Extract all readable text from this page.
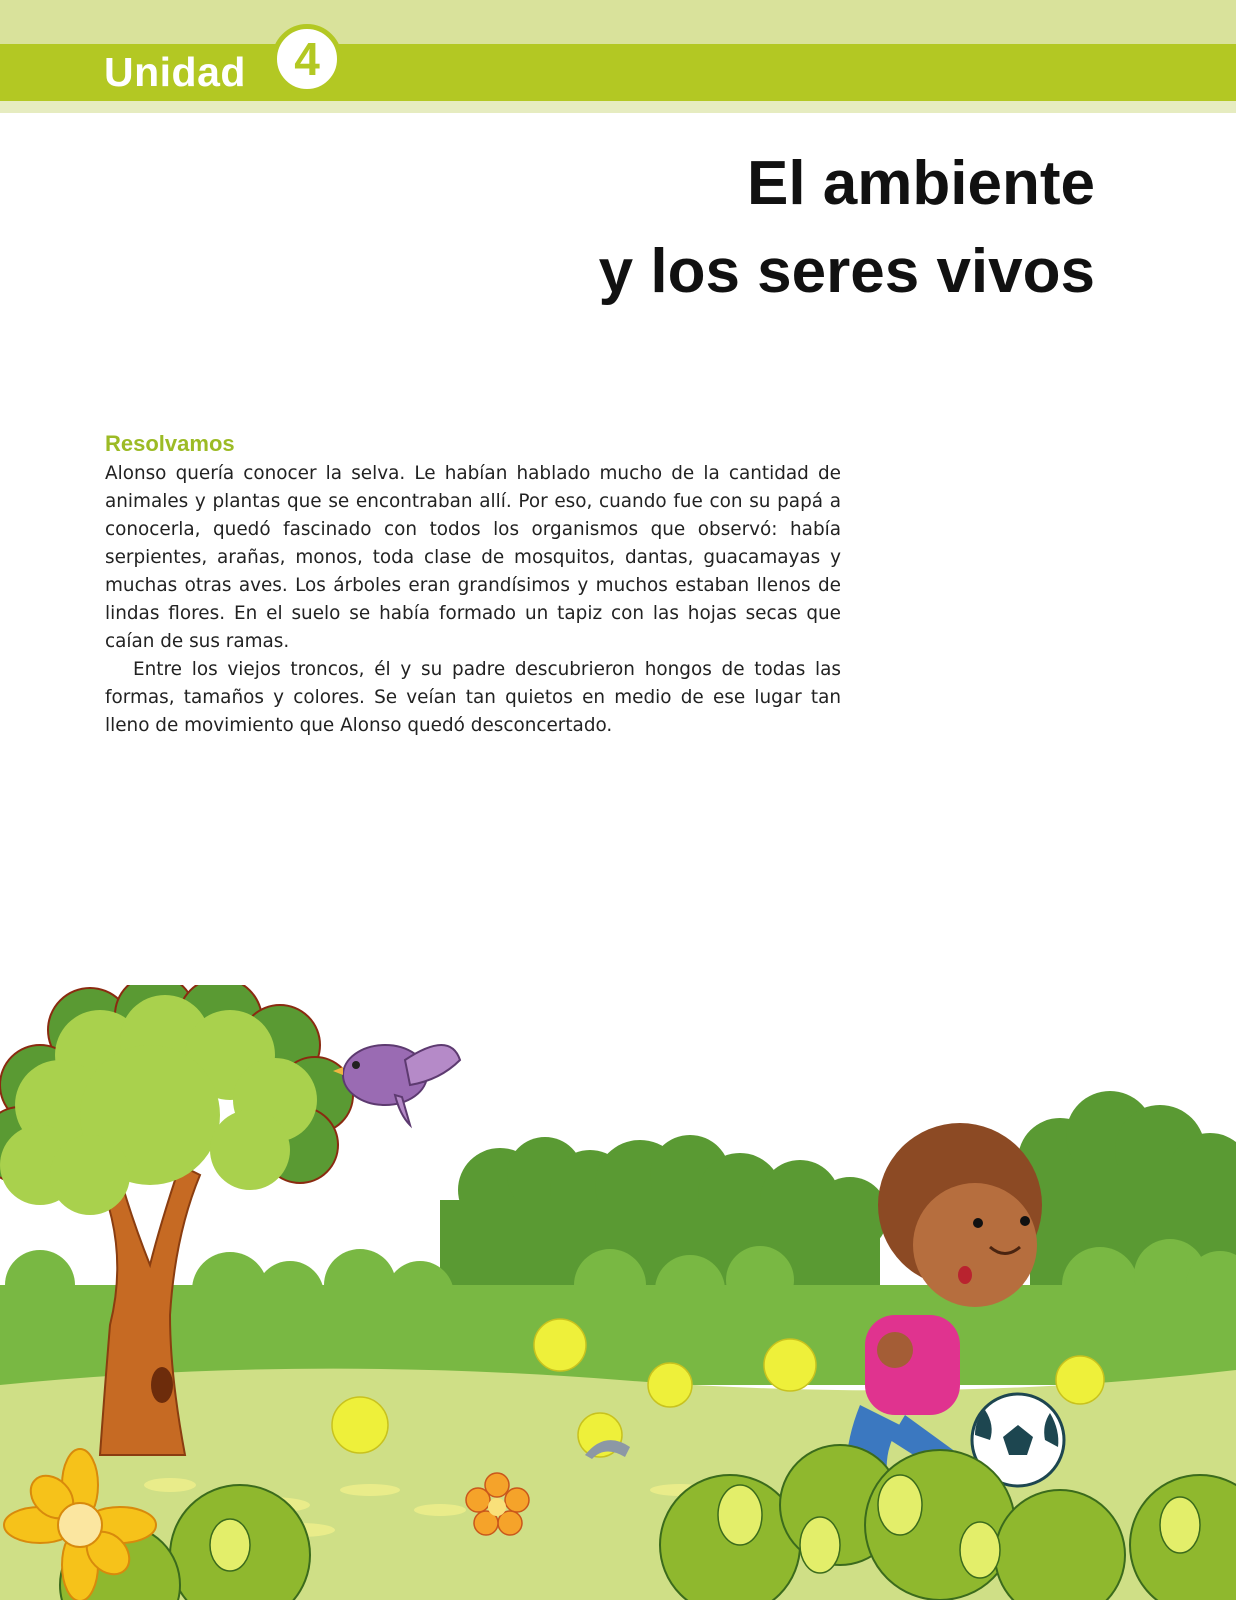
Unidad 4
El ambiente
y los seres vivos
Resolvamos

Alonso quería conocer la selva. Le habían hablado mucho de la cantidad de animales y plantas que se encontraban allí. Por eso, cuando fue con su papá a conocerla, quedó fascinado con todos los organismos que observó: había serpientes, arañas, monos, toda clase de mosquitos, dantas, guacamayas y muchas otras aves. Los árboles eran grandísimos y muchos estaban llenos de lindas flores. En el suelo se había formado un tapiz con las hojas secas que caían de sus ramas.

Entre los viejos troncos, él y su padre descubrieron hongos de todas las formas, tamaños y colores. Se veían tan quietos en medio de ese lugar tan lleno de movimiento que Alonso quedó desconcertado.
